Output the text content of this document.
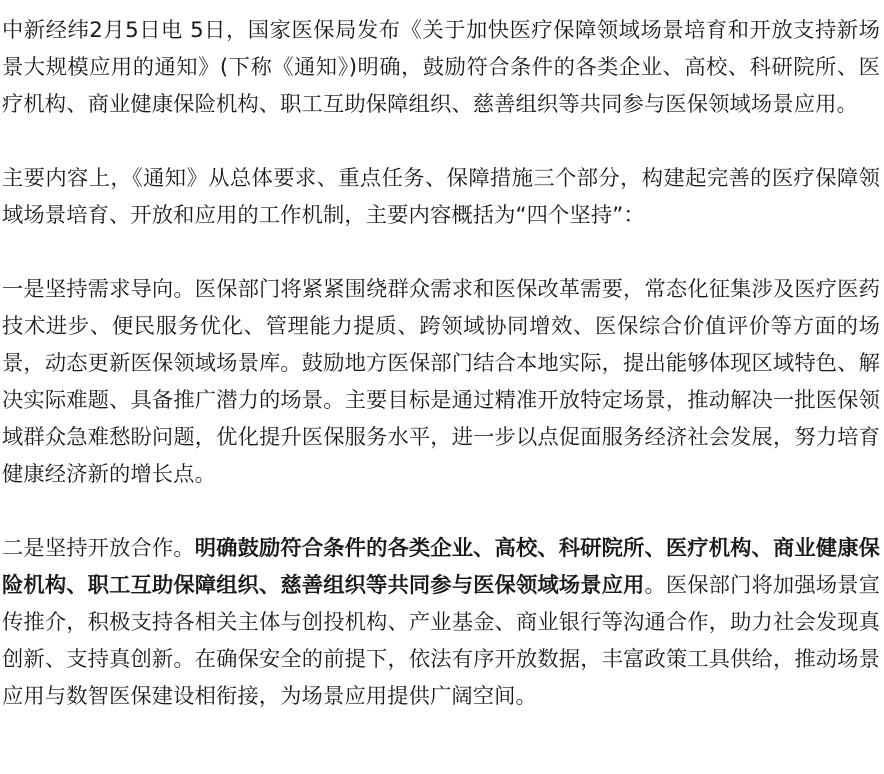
中新经纬2月5日电 5日，国家医保局发布《关于加快医疗保障领域场景培育和开放支持新场景大规模应用的通知》(下称《通知》)明确，鼓励符合条件的各类企业、高校、科研院所、医疗机构、商业健康保险机构、职工互助保障组织、慈善组织等共同参与医保领域场景应用。

主要内容上，《通知》从总体要求、重点任务、保障措施三个部分，构建起完善的医疗保障领域场景培育、开放和应用的工作机制，主要内容概括为“四个坚持”：

一是坚持需求导向。医保部门将紧紧围绕群众需求和医保改革需要，常态化征集涉及医疗医药技术进步、便民服务优化、管理能力提质、跨领域协同增效、医保综合价值评价等方面的场景，动态更新医保领域场景库。鼓励地方医保部门结合本地实际，提出能够体现区域特色、解决实际难题、具备推广潜力的场景。主要目标是通过精准开放特定场景，推动解决一批医保领域群众急难愁盼问题，优化提升医保服务水平，进一步以点促面服务经济社会发展，努力培育健康经济新的增长点。

二是坚持开放合作。明确鼓励符合条件的各类企业、高校、科研院所、医疗机构、商业健康保险机构、职工互助保障组织、慈善组织等共同参与医保领域场景应用。医保部门将加强场景宣传推介，积极支持各相关主体与创投机构、产业基金、商业银行等沟通合作，助力社会发现真创新、支持真创新。在确保安全的前提下，依法有序开放数据，丰富政策工具供给，推动场景应用与数智医保建设相衔接，为场景应用提供广阔空间。
